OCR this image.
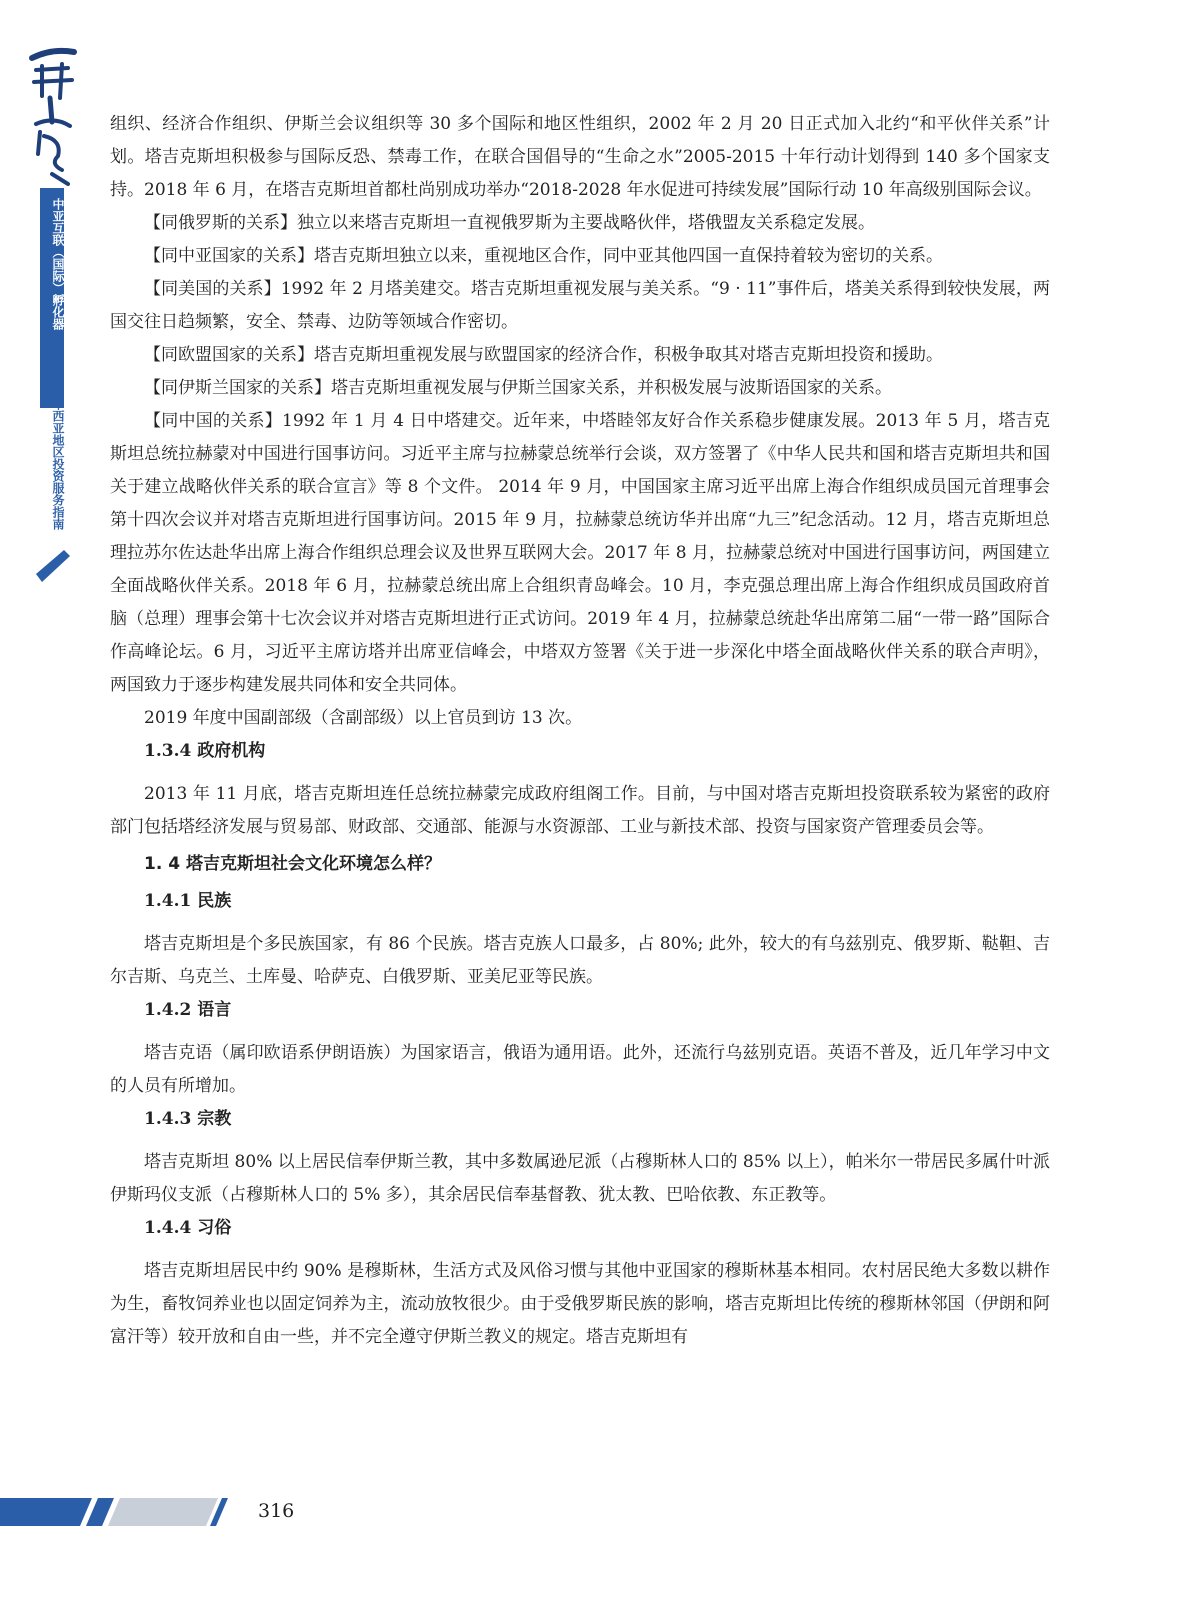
中亚互联（国际）孵化器
中西亚地区投资服务指南

组织、经济合作组织、伊斯兰会议组织等 30 多个国际和地区性组织，2002 年 2 月 20 日正式加入北约“和平伙伴关系”计划。塔吉克斯坦积极参与国际反恐、禁毒工作，在联合国倡导的“生命之水”2005-2015 十年行动计划得到 140 多个国家支持。2018 年 6 月，在塔吉克斯坦首都杜尚别成功举办“2018-2028 年水促进可持续发展”国际行动 10 年高级别国际会议。

【同俄罗斯的关系】独立以来塔吉克斯坦一直视俄罗斯为主要战略伙伴，塔俄盟友关系稳定发展。

【同中亚国家的关系】塔吉克斯坦独立以来，重视地区合作，同中亚其他四国一直保持着较为密切的关系。

【同美国的关系】1992 年 2 月塔美建交。塔吉克斯坦重视发展与美关系。“9 · 11”事件后，塔美关系得到较快发展，两国交往日趋频繁，安全、禁毒、边防等领域合作密切。

【同欧盟国家的关系】塔吉克斯坦重视发展与欧盟国家的经济合作，积极争取其对塔吉克斯坦投资和援助。

【同伊斯兰国家的关系】塔吉克斯坦重视发展与伊斯兰国家关系，并积极发展与波斯语国家的关系。

【同中国的关系】1992 年 1 月 4 日中塔建交。近年来，中塔睦邻友好合作关系稳步健康发展。2013 年 5 月，塔吉克斯坦总统拉赫蒙对中国进行国事访问。习近平主席与拉赫蒙总统举行会谈，双方签署了《中华人民共和国和塔吉克斯坦共和国关于建立战略伙伴关系的联合宣言》等 8 个文件。 2014 年 9 月，中国国家主席习近平出席上海合作组织成员国元首理事会第十四次会议并对塔吉克斯坦进行国事访问。2015 年 9 月，拉赫蒙总统访华并出席“九三”纪念活动。12 月，塔吉克斯坦总理拉苏尔佐达赴华出席上海合作组织总理会议及世界互联网大会。2017 年 8 月，拉赫蒙总统对中国进行国事访问，两国建立全面战略伙伴关系。2018 年 6 月，拉赫蒙总统出席上合组织青岛峰会。10 月，李克强总理出席上海合作组织成员国政府首脑（总理）理事会第十七次会议并对塔吉克斯坦进行正式访问。2019 年 4 月，拉赫蒙总统赴华出席第二届“一带一路”国际合作高峰论坛。6 月，习近平主席访塔并出席亚信峰会，中塔双方签署《关于进一步深化中塔全面战略伙伴关系的联合声明》，两国致力于逐步构建发展共同体和安全共同体。

2019 年度中国副部级（含副部级）以上官员到访 13 次。

1.3.4 政府机构

2013 年 11 月底，塔吉克斯坦连任总统拉赫蒙完成政府组阁工作。目前，与中国对塔吉克斯坦投资联系较为紧密的政府部门包括塔经济发展与贸易部、财政部、交通部、能源与水资源部、工业与新技术部、投资与国家资产管理委员会等。

1. 4 塔吉克斯坦社会文化环境怎么样？

1.4.1 民族

塔吉克斯坦是个多民族国家，有 86 个民族。塔吉克族人口最多，占 80%; 此外，较大的有乌兹别克、俄罗斯、鞑靼、吉尔吉斯、乌克兰、土库曼、哈萨克、白俄罗斯、亚美尼亚等民族。

1.4.2 语言

塔吉克语（属印欧语系伊朗语族）为国家语言，俄语为通用语。此外，还流行乌兹别克语。英语不普及，近几年学习中文的人员有所增加。

1.4.3 宗教

塔吉克斯坦 80% 以上居民信奉伊斯兰教，其中多数属逊尼派（占穆斯林人口的 85% 以上），帕米尔一带居民多属什叶派伊斯玛仪支派（占穆斯林人口的 5% 多），其余居民信奉基督教、犹太教、巴哈依教、东正教等。

1.4.4 习俗

塔吉克斯坦居民中约 90% 是穆斯林，生活方式及风俗习惯与其他中亚国家的穆斯林基本相同。农村居民绝大多数以耕作为生，畜牧饲养业也以固定饲养为主，流动放牧很少。由于受俄罗斯民族的影响，塔吉克斯坦比传统的穆斯林邻国（伊朗和阿富汗等）较开放和自由一些，并不完全遵守伊斯兰教义的规定。塔吉克斯坦有

316
